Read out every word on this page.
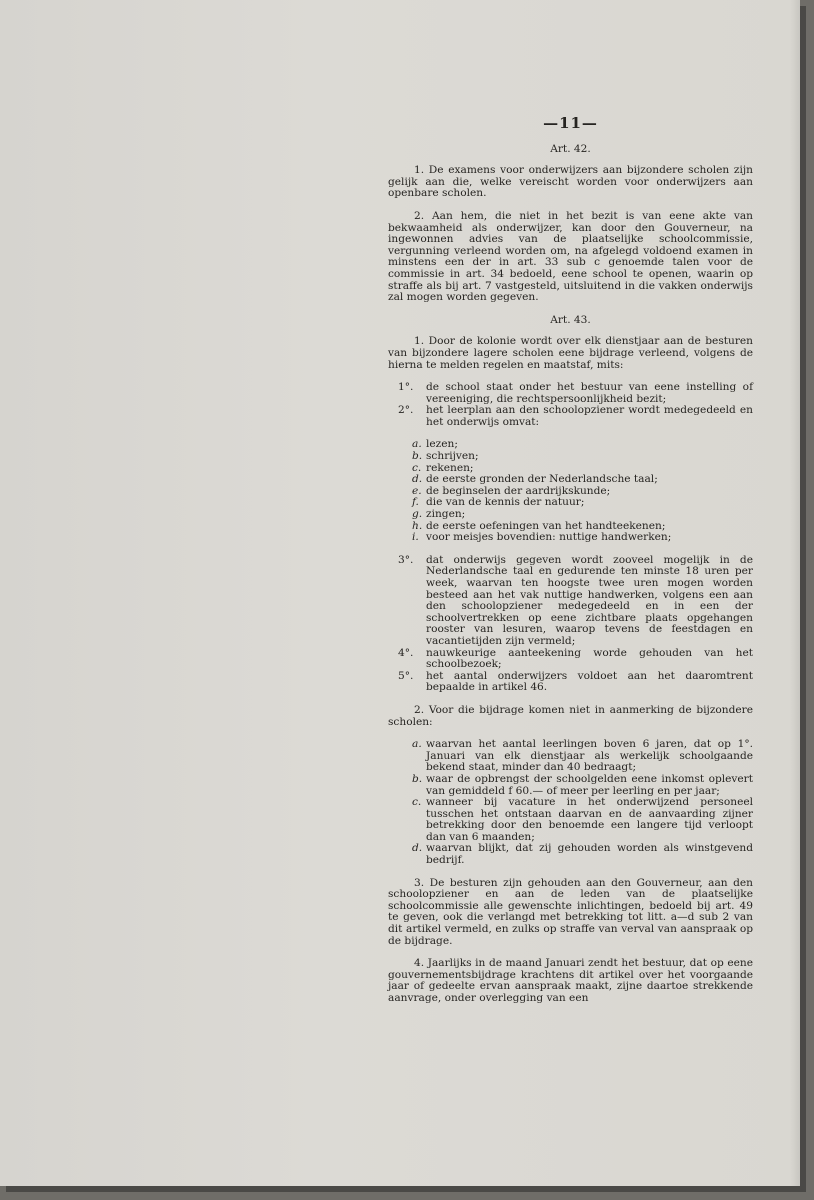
—11—

Art. 42.

1. De examens voor onderwijzers aan bijzondere scholen zijn gelijk aan die, welke vereischt worden voor onderwijzers aan openbare scholen.

2. Aan hem, die niet in het bezit is van eene akte van bekwaamheid als onderwijzer, kan door den Gouverneur, na ingewonnen advies van de plaatselijke schoolcommissie, vergunning verleend worden om, na afgelegd voldoend examen in minstens een der in art. 33 sub c genoemde talen voor de commissie in art. 34 bedoeld, eene school te openen, waarin op straffe als bij art. 7 vastgesteld, uitsluitend in die vakken onderwijs zal mogen worden gegeven.

Art. 43.

1. Door de kolonie wordt over elk dienstjaar aan de besturen van bijzondere lagere scholen eene bijdrage verleend, volgens de hierna te melden regelen en maatstaf, mits:

1°. de school staat onder het bestuur van eene instelling of vereeniging, die rechtspersoonlijkheid bezit;

2°. het leerplan aan den schoolopziener wordt medegedeeld en het onderwijs omvat:

a. lezen;

b. schrijven;

c. rekenen;

d. de eerste gronden der Nederlandsche taal;

e. de beginselen der aardrijkskunde;

f. die van de kennis der natuur;

g. zingen;

h. de eerste oefeningen van het handteekenen;

i. voor meisjes bovendien: nuttige handwerken;

3°. dat onderwijs gegeven wordt zooveel mogelijk in de Nederlandsche taal en gedurende ten minste 18 uren per week, waarvan ten hoogste twee uren mogen worden besteed aan het vak nuttige handwerken, volgens een aan den schoolopziener medegedeeld en in een der schoolvertrekken op eene zichtbare plaats opgehangen rooster van lesuren, waarop tevens de feestdagen en vacantietijden zijn vermeld;

4°. nauwkeurige aanteekening worde gehouden van het schoolbezoek;

5°. het aantal onderwijzers voldoet aan het daaromtrent bepaalde in artikel 46.

2. Voor die bijdrage komen niet in aanmerking de bijzondere scholen:

a. waarvan het aantal leerlingen boven 6 jaren, dat op 1°. Januari van elk dienstjaar als werkelijk schoolgaande bekend staat, minder dan 40 bedraagt;

b. waar de opbrengst der schoolgelden eene inkomst oplevert van gemiddeld f 60.— of meer per leerling en per jaar;

c. wanneer bij vacature in het onderwijzend personeel tusschen het ontstaan daarvan en de aanvaarding zijner betrekking door den benoemde een langere tijd verloopt dan van 6 maanden;

d. waarvan blijkt, dat zij gehouden worden als winstgevend bedrijf.

3. De besturen zijn gehouden aan den Gouverneur, aan den schoolopziener en aan de leden van de plaatselijke schoolcommissie alle gewenschte inlichtingen, bedoeld bij art. 49 te geven, ook die verlangd met betrekking tot litt. a—d sub 2 van dit artikel vermeld, en zulks op straffe van verval van aanspraak op de bijdrage.

4. Jaarlijks in de maand Januari zendt het bestuur, dat op eene gouvernementsbijdrage krachtens dit artikel over het voorgaande jaar of gedeelte ervan aanspraak maakt, zijne daartoe strekkende aanvrage, onder overlegging van een
